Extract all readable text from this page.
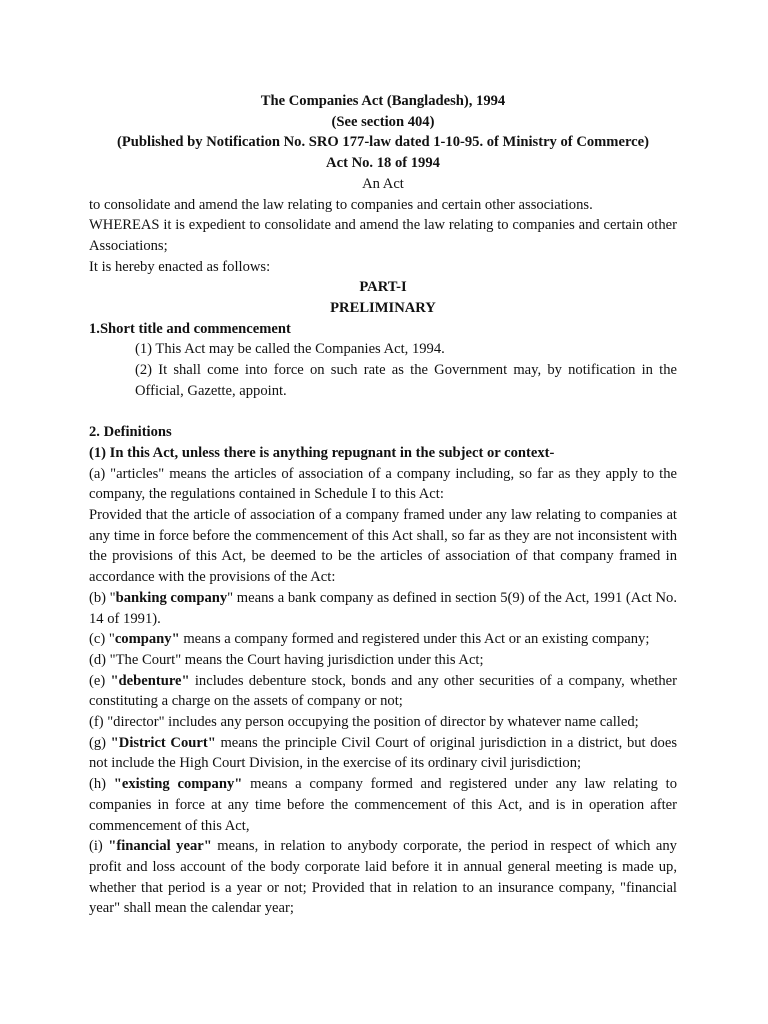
The Companies Act (Bangladesh), 1994

(See section 404)

(Published by Notification No. SRO 177-law dated 1-10-95. of Ministry of Commerce)

Act No. 18 of 1994

An Act

to consolidate and amend the law relating to companies and certain other associations.

WHEREAS it is expedient to consolidate and amend the law relating to companies and certain other Associations;

It is hereby enacted as follows:

PART-I

PRELIMINARY

1.Short title and commencement

(1) This Act may be called the Companies Act, 1994.

(2) It shall come into force on such rate as the Government may, by notification in the Official, Gazette, appoint.

2. Definitions

(1) In this Act, unless there is anything repugnant in the subject or context-

(a) "articles" means the articles of association of a company including, so far as they apply to the company, the regulations contained in Schedule I to this Act:

Provided that the article of association of a company framed under any law relating to companies at any time in force before the commencement of this Act shall, so far as they are not inconsistent with the provisions of this Act, be deemed to be the articles of association of that company framed in accordance with the provisions of the Act:

(b) "banking company" means a bank company as defined in section 5(9) of the Act, 1991 (Act No. 14 of 1991).

(c) "company" means a company formed and registered under this Act or an existing company;

(d) "The Court" means the Court having jurisdiction under this Act;

(e) "debenture" includes debenture stock, bonds and any other securities of a company, whether constituting a charge on the assets of company or not;

(f) "director" includes any person occupying the position of director by whatever name called;

(g) "District Court" means the principle Civil Court of original jurisdiction in a district, but does not include the High Court Division, in the exercise of its ordinary civil jurisdiction;

(h) "existing company" means a company formed and registered under any law relating to companies in force at any time before the commencement of this Act, and is in operation after commencement of this Act,

(i) "financial year" means, in relation to anybody corporate, the period in respect of which any profit and loss account of the body corporate laid before it in annual general meeting is made up, whether that period is a year or not; Provided that in relation to an insurance company, "financial year" shall mean the calendar year;
